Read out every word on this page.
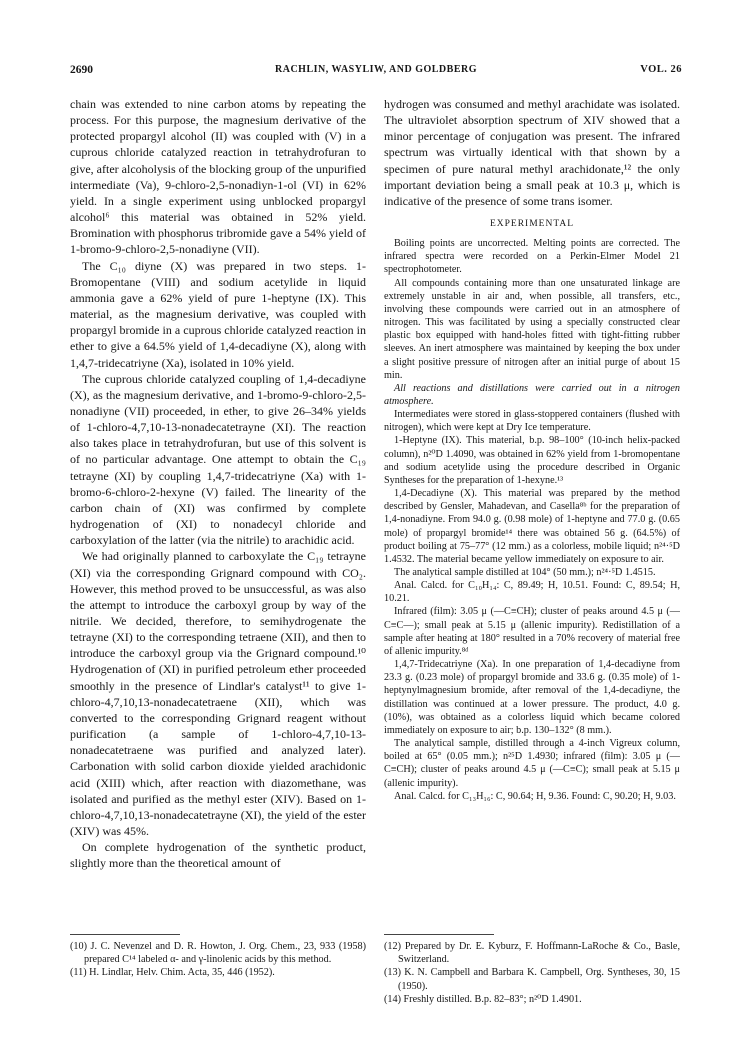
2690	RACHLIN, WASYLIW, AND GOLDBERG	VOL. 26

chain was extended to nine carbon atoms by repeating the process. For this purpose, the magnesium derivative of the protected propargyl alcohol (II) was coupled with (V) in a cuprous chloride catalyzed reaction in tetrahydrofuran to give, after alcoholysis of the blocking group of the unpurified intermediate (Va), 9-chloro-2,5-nonadiyn-1-ol (VI) in 62% yield. In a single experiment using unblocked propargyl alcohol⁶ this material was obtained in 52% yield. Bromination with phosphorus tribromide gave a 54% yield of 1-bromo-9-chloro-2,5-nonadiyne (VII).

The C₁₀ diyne (X) was prepared in two steps. 1-Bromopentane (VIII) and sodium acetylide in liquid ammonia gave a 62% yield of pure 1-heptyne (IX). This material, as the magnesium derivative, was coupled with propargyl bromide in a cuprous chloride catalyzed reaction in ether to give a 64.5% yield of 1,4-decadiyne (X), along with 1,4,7-tridecatriyne (Xa), isolated in 10% yield.

The cuprous chloride catalyzed coupling of 1,4-decadiyne (X), as the magnesium derivative, and 1-bromo-9-chloro-2,5-nonadiyne (VII) proceeded, in ether, to give 26–34% yields of 1-chloro-4,7,10-13-nonadecatetrayne (XI). The reaction also takes place in tetrahydrofuran, but use of this solvent is of no particular advantage. One attempt to obtain the C₁₉ tetrayne (XI) by coupling 1,4,7-tridecatriyne (Xa) with 1-bromo-6-chloro-2-hexyne (V) failed. The linearity of the carbon chain of (XI) was confirmed by complete hydrogenation of (XI) to nonadecyl chloride and carboxylation of the latter (via the nitrile) to arachidic acid.

We had originally planned to carboxylate the C₁₉ tetrayne (XI) via the corresponding Grignard compound with CO₂. However, this method proved to be unsuccessful, as was also the attempt to introduce the carboxyl group by way of the nitrile. We decided, therefore, to semihydrogenate the tetrayne (XI) to the corresponding tetraene (XII), and then to introduce the carboxyl group via the Grignard compound.¹⁰ Hydrogenation of (XI) in purified petroleum ether proceeded smoothly in the presence of Lindlar's catalyst¹¹ to give 1-chloro-4,7,10,13-nonadecatetraene (XII), which was converted to the corresponding Grignard reagent without purification (a sample of 1-chloro-4,7,10-13-nonadecatetraene was purified and analyzed later). Carbonation with solid carbon dioxide yielded arachidonic acid (XIII) which, after reaction with diazomethane, was isolated and purified as the methyl ester (XIV). Based on 1-chloro-4,7,10,13-nonadecatetrayne (XI), the yield of the ester (XIV) was 45%.

On complete hydrogenation of the synthetic product, slightly more than the theoretical amount of

(10) J. C. Nevenzel and D. R. Howton, J. Org. Chem., 23, 933 (1958) prepared C¹⁴ labeled α- and γ-linolenic acids by this method.

(11) H. Lindlar, Helv. Chim. Acta, 35, 446 (1952).

hydrogen was consumed and methyl arachidate was isolated. The ultraviolet absorption spectrum of XIV showed that a minor percentage of conjugation was present. The infrared spectrum was virtually identical with that shown by a specimen of pure natural methyl arachidonate,¹² the only important deviation being a small peak at 10.3 μ, which is indicative of the presence of some trans isomer.

EXPERIMENTAL

Boiling points are uncorrected. Melting points are corrected. The infrared spectra were recorded on a Perkin-Elmer Model 21 spectrophotometer.

All compounds containing more than one unsaturated linkage are extremely unstable in air and, when possible, all transfers, etc., involving these compounds were carried out in an atmosphere of nitrogen. This was facilitated by using a specially constructed clear plastic box equipped with hand-holes fitted with tight-fitting rubber sleeves. An inert atmosphere was maintained by keeping the box under a slight positive pressure of nitrogen after an initial purge of about 15 min.

All reactions and distillations were carried out in a nitrogen atmosphere.

Intermediates were stored in glass-stoppered containers (flushed with nitrogen), which were kept at Dry Ice temperature.

1-Heptyne (IX). This material, b.p. 98–100° (10-inch helix-packed column), n²⁰D 1.4090, was obtained in 62% yield from 1-bromopentane and sodium acetylide using the procedure described in Organic Syntheses for the preparation of 1-hexyne.¹³

1,4-Decadiyne (X). This material was prepared by the method described by Gensler, Mahadevan, and Casella⁸ᵇ for the preparation of 1,4-nonadiyne. From 94.0 g. (0.98 mole) of 1-heptyne and 77.0 g. (0.65 mole) of propargyl bromide¹⁴ there was obtained 56 g. (64.5%) of product boiling at 75–77° (12 mm.) as a colorless, mobile liquid; n²⁴·⁵D 1.4532. The material became yellow immediately on exposure to air.

The analytical sample distilled at 104° (50 mm.); n²⁴·⁵D 1.4515.

Anal. Calcd. for C₁₀H₁₄: C, 89.49; H, 10.51. Found: C, 89.54; H, 10.21.

Infrared (film): 3.05 μ (—C≡CH); cluster of peaks around 4.5 μ (—C≡C—); small peak at 5.15 μ (allenic impurity). Redistillation of a sample after heating at 180° resulted in a 70% recovery of material free of allenic impurity.⁸ᵈ

1,4,7-Tridecatriyne (Xa). In one preparation of 1,4-decadiyne from 23.3 g. (0.23 mole) of propargyl bromide and 33.6 g. (0.35 mole) of 1-heptynylmagnesium bromide, after removal of the 1,4-decadiyne, the distillation was continued at a lower pressure. The product, 4.0 g. (10%), was obtained as a colorless liquid which became colored immediately on exposure to air; b.p. 130–132° (8 mm.).

The analytical sample, distilled through a 4-inch Vigreux column, boiled at 65° (0.05 mm.); n²⁵D 1.4930; infrared (film): 3.05 μ (—C≡CH); cluster of peaks around 4.5 μ (—C≡C); small peak at 5.15 μ (allenic impurity).

Anal. Calcd. for C₁₃H₁₆: C, 90.64; H, 9.36. Found: C, 90.20; H, 9.03.

(12) Prepared by Dr. E. Kyburz, F. Hoffmann-LaRoche & Co., Basle, Switzerland.

(13) K. N. Campbell and Barbara K. Campbell, Org. Syntheses, 30, 15 (1950).

(14) Freshly distilled. B.p. 82–83°; n²⁰D 1.4901.
